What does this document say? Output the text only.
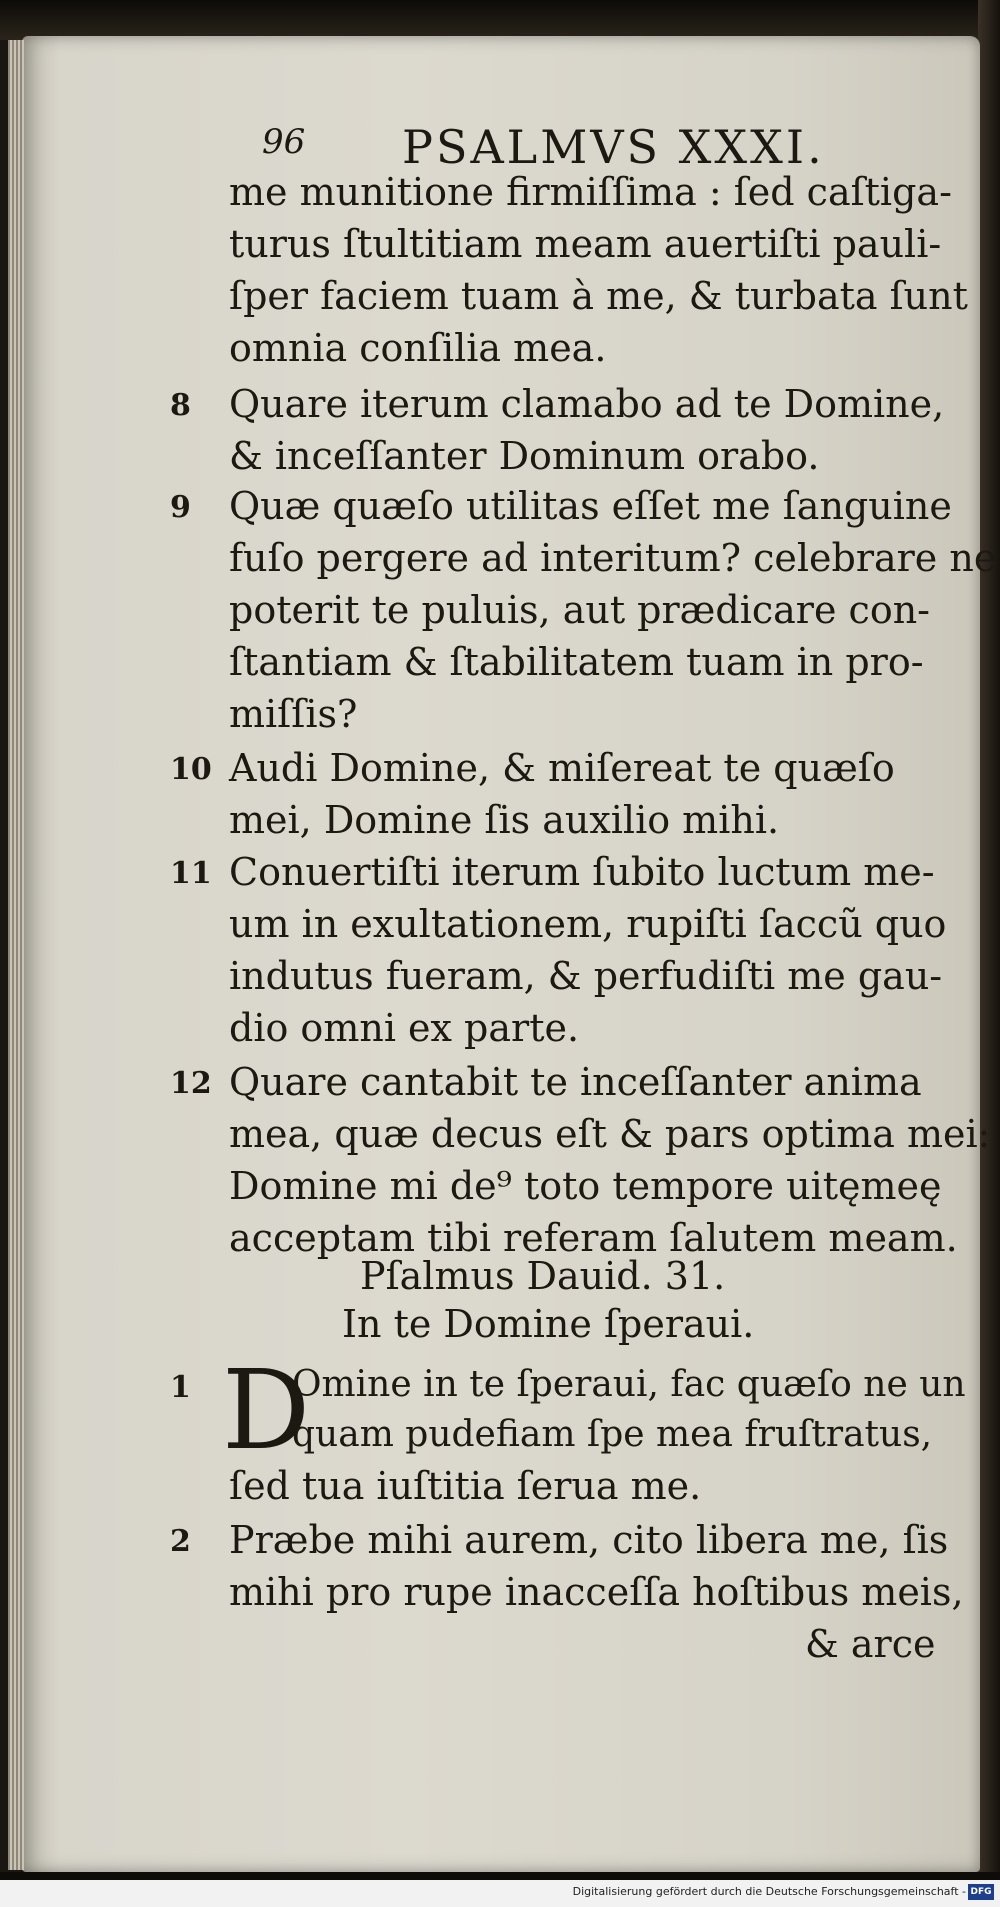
96 PSALMVS XXXI.
me munitione firmiſſima : ſed caſtiga-
turus ſtultitiam meam auertiſti pauli-
ſper faciem tuam à me, & turbata ſunt
omnia conſilia mea.
8 Quare iterum clamabo ad te Domine,
& inceſſanter Dominum orabo.
9 Quæ quæſo utilitas eſſet me ſanguine
fuſo pergere ad interitum? celebrare ne
poterit te puluis, aut prædicare con-
ſtantiam & ſtabilitatem tuam in pro-
miſſis?
10 Audi Domine, & miſereat te quæſo
mei, Domine ſis auxilio mihi.
11 Conuertiſti iterum ſubito luctum me-
um in exultationem, rupiſti ſaccũ quo
indutus fueram, & perfudiſti me gau-
dio omni ex parte.
12 Quare cantabit te inceſſanter anima
mea, quæ decus eſt & pars optima mei:
Domine mi de⁹ toto tempore uitęmeę
acceptam tibi referam ſalutem meam.
Pſalmus Dauid. 31.
In te Domine ſperaui.
1 D
Omine in te ſperaui, fac quæſo ne un
quam pudefiam ſpe mea fruſtratus,
ſed tua iuſtitia ſerua me.
2 Præbe mihi aurem, cito libera me, ſis
mihi pro rupe inacceſſa hoſtibus meis,
& arce
Digitalisierung gefördert durch die Deutsche Forschungsgemeinschaft - DFG
